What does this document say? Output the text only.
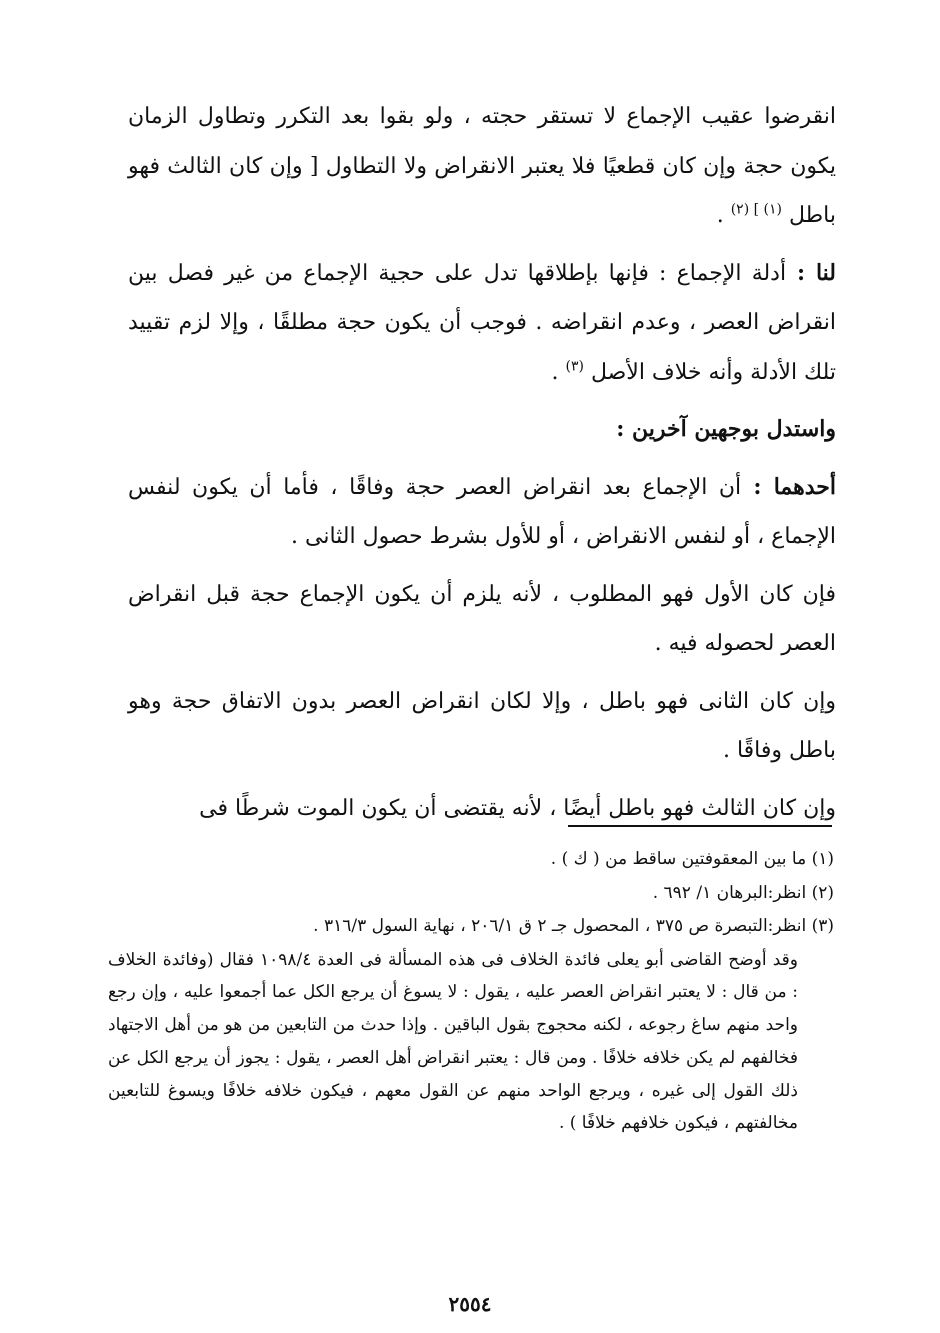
انقرضوا عقيب الإجماع لا تستقر حجته ، ولو بقوا بعد التكرر وتطاول الزمان يكون حجة وإن كان قطعيًا فلا يعتبر الانقراض ولا التطاول [ وإن كان الثالث فهو باطل $^{(١) ] (٢)}$ .

لنا : أدلة الإجماع : فإنها بإطلاقها تدل على حجية الإجماع من غير فصل بين انقراض العصر ، وعدم انقراضه . فوجب أن يكون حجة مطلقًا ، وإلا لزم تقييد تلك الأدلة وأنه خلاف الأصل $^{(٣)}$ .

واستدل بوجهين آخرين :

أحدهما : أن الإجماع بعد انقراض العصر حجة وفاقًا ، فأما أن يكون لنفس الإجماع ، أو لنفس الانقراض ، أو للأول بشرط حصول الثانى .

فإن كان الأول فهو المطلوب ، لأنه يلزم أن يكون الإجماع حجة قبل انقراض العصر لحصوله فيه .

وإن كان الثانى فهو باطل ، وإلا لكان انقراض العصر بدون الاتفاق حجة وهو باطل وفاقًا .

وإن كان الثالث فهو باطل أيضًا ، لأنه يقتضى أن يكون الموت شرطًا فى

(١) ما بين المعقوفتين ساقط من ( ك ) .

(٢) انظر:البرهان ١/ ٦٩٢ .

(٣) انظر:التبصرة ص ٣٧٥ ، المحصول جـ ٢ ق ٢٠٦/١ ، نهاية السول ٣١٦/٣ .

وقد أوضح القاضى أبو يعلى فائدة الخلاف فى هذه المسألة فى العدة ١٠٩٨/٤ فقال (وفائدة الخلاف : من قال : لا يعتبر انقراض العصر عليه ، يقول : لا يسوغ أن يرجع الكل عما أجمعوا عليه ، وإن رجع واحد منهم ساغ رجوعه ، لكنه محجوج بقول الباقين . وإذا حدث من التابعين من هو من أهل الاجتهاد فخالفهم لم يكن خلافه خلافًا . ومن قال : يعتبر انقراض أهل العصر ، يقول : يجوز أن يرجع الكل عن ذلك القول إلى غيره ، ويرجع الواحد منهم عن القول معهم ، فيكون خلافه خلافًا ويسوغ للتابعين مخالفتهم ، فيكون خلافهم خلافًا ) .

٢٥٥٤
